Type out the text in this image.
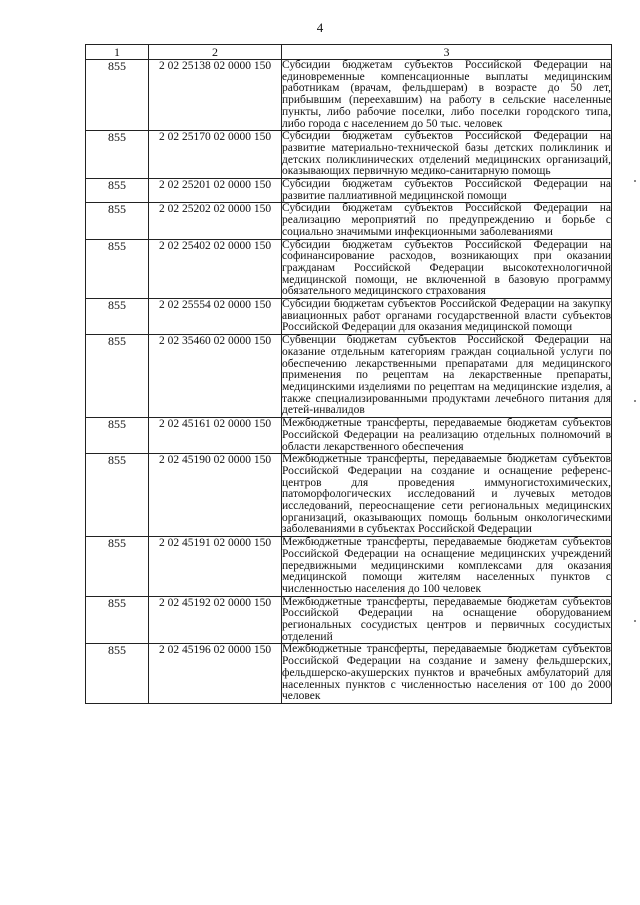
4
1	2	3
855	2 02 25138 02 0000 150	Субсидии бюджетам субъектов Российской Федерации на единовременные компенсационные выплаты медицинским работникам (врачам, фельдшерам) в возрасте до 50 лет, прибывшим (переехавшим) на работу в сельские населенные пункты, либо рабочие поселки, либо поселки городского типа, либо города с населением до 50 тыс. человек
855	2 02 25170 02 0000 150	Субсидии бюджетам субъектов Российской Федерации на развитие материально-технической базы детских поликлиник и детских поликлинических отделений медицинских организаций, оказывающих первичную медико-санитарную помощь
855	2 02 25201 02 0000 150	Субсидии бюджетам субъектов Российской Федерации на развитие паллиативной медицинской помощи
855	2 02 25202 02 0000 150	Субсидии бюджетам субъектов Российской Федерации на реализацию мероприятий по предупреждению и борьбе с социально значимыми инфекционными заболеваниями
855	2 02 25402 02 0000 150	Субсидии бюджетам субъектов Российской Федерации на софинансирование расходов, возникающих при оказании гражданам Российской Федерации высокотехнологичной медицинской помощи, не включенной в базовую программу обязательного медицинского страхования
855	2 02 25554 02 0000 150	Субсидии бюджетам субъектов Российской Федерации на закупку авиационных работ органами государственной власти субъектов Российской Федерации для оказания медицинской помощи
855	2 02 35460 02 0000 150	Субвенции бюджетам субъектов Российской Федерации на оказание отдельным категориям граждан социальной услуги по обеспечению лекарственными препаратами для медицинского применения по рецептам на лекарственные препараты, медицинскими изделиями по рецептам на медицинские изделия, а также специализированными продуктами лечебного питания для детей-инвалидов
855	2 02 45161 02 0000 150	Межбюджетные трансферты, передаваемые бюджетам субъектов Российской Федерации на реализацию отдельных полномочий в области лекарственного обеспечения
855	2 02 45190 02 0000 150	Межбюджетные трансферты, передаваемые бюджетам субъектов Российской Федерации на создание и оснащение референс-центров для проведения иммуногистохимических, патоморфологических исследований и лучевых методов исследований, переоснащение сети региональных медицинских организаций, оказывающих помощь больным онкологическими заболеваниями в субъектах Российской Федерации
855	2 02 45191 02 0000 150	Межбюджетные трансферты, передаваемые бюджетам субъектов Российской Федерации на оснащение медицинских учреждений передвижными медицинскими комплексами для оказания медицинской помощи жителям населенных пунктов с численностью населения до 100 человек
855	2 02 45192 02 0000 150	Межбюджетные трансферты, передаваемые бюджетам субъектов Российской Федерации на оснащение оборудованием региональных сосудистых центров и первичных сосудистых отделений
855	2 02 45196 02 0000 150	Межбюджетные трансферты, передаваемые бюджетам субъектов Российской Федерации на создание и замену фельдшерских, фельдшерско-акушерских пунктов и врачебных амбулаторий для населенных пунктов с численностью населения от 100 до 2000 человек
